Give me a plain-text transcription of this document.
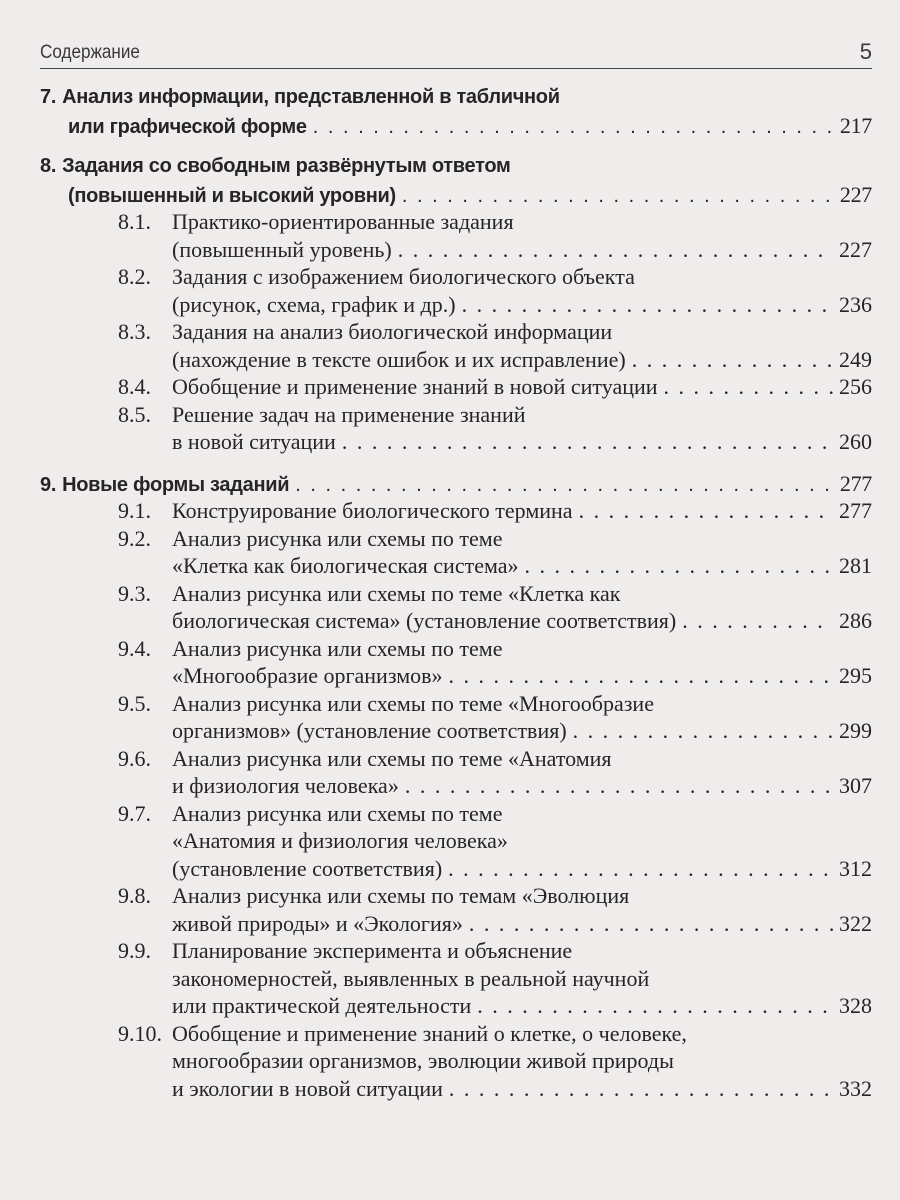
Содержание	5
7. Анализ информации, представленной в табличной
или графической форме . . .	217
8. Задания со свободным развёрнутым ответом
(повышенный и высокий уровни) . . .	227
8.1. Практико-ориентированные задания
(повышенный уровень) . . .	227
8.2. Задания с изображением биологического объекта
(рисунок, схема, график и др.) . . .	236
8.3. Задания на анализ биологической информации
(нахождение в тексте ошибок и их исправление) . . .	249
8.4. Обобщение и применение знаний в новой ситуации . . .	256
8.5. Решение задач на применение знаний
в новой ситуации . . .	260
9. Новые формы заданий . . .	277
9.1. Конструирование биологического термина . . .	277
9.2. Анализ рисунка или схемы по теме
«Клетка как биологическая система» . . .	281
9.3. Анализ рисунка или схемы по теме «Клетка как
биологическая система» (установление соответствия) . . .	286
9.4. Анализ рисунка или схемы по теме
«Многообразие организмов» . . .	295
9.5. Анализ рисунка или схемы по теме «Многообразие
организмов» (установление соответствия) . . .	299
9.6. Анализ рисунка или схемы по теме «Анатомия
и физиология человека» . . .	307
9.7. Анализ рисунка или схемы по теме
«Анатомия и физиология человека»
(установление соответствия) . . .	312
9.8. Анализ рисунка или схемы по темам «Эволюция
живой природы» и «Экология» . . .	322
9.9. Планирование эксперимента и объяснение
закономерностей, выявленных в реальной научной
или практической деятельности . . .	328
9.10. Обобщение и применение знаний о клетке, о человеке,
многообразии организмов, эволюции живой природы
и экологии в новой ситуации . . .	332
